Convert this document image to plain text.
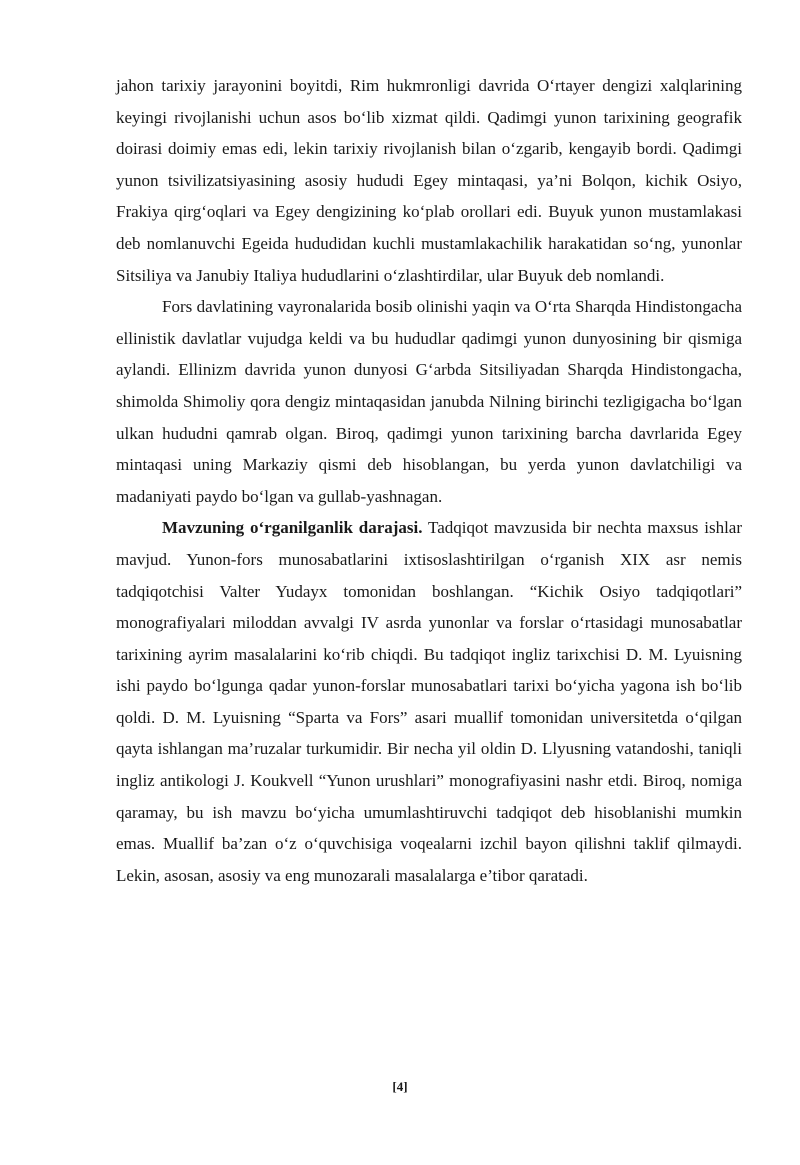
jahon tarixiy jarayonini boyitdi, Rim hukmronligi davrida O‘rtayer dengizi xalqlarining keyingi rivojlanishi uchun asos bo‘lib xizmat qildi. Qadimgi yunon tarixining geografik doirasi doimiy emas edi, lekin tarixiy rivojlanish bilan o‘zgarib, kengayib bordi. Qadimgi yunon tsivilizatsiyasining asosiy hududi Egey mintaqasi, ya’ni Bolqon, kichik Osiyo, Frakiya qirg‘oqlari va Egey dengizining ko‘plab orollari edi. Buyuk yunon mustamlakasi deb nomlanuvchi Egeida hududidan kuchli mustamlakachilik harakatidan so‘ng, yunonlar Sitsiliya va Janubiy Italiya hududlarini o‘zlashtirdilar, ular Buyuk deb nomlandi.

Fors davlatining vayronalarida bosib olinishi yaqin va O‘rta Sharqda Hindistongacha ellinistik davlatlar vujudga keldi va bu hududlar qadimgi yunon dunyosining bir qismiga aylandi. Ellinizm davrida yunon dunyosi G‘arbda Sitsiliyadan Sharqda Hindistongacha, shimolda Shimoliy qora dengiz mintaqasidan janubda Nilning birinchi tezligigacha bo‘lgan ulkan hududni qamrab olgan. Biroq, qadimgi yunon tarixining barcha davrlarida Egey mintaqasi uning Markaziy qismi deb hisoblangan, bu yerda yunon davlatchiligi va madaniyati paydo bo‘lgan va gullab-yashnagan.

Mavzuning o‘rganilganlik darajasi. Tadqiqot mavzusida bir nechta maxsus ishlar mavjud. Yunon-fors munosabatlarini ixtisoslashtirilgan o‘rganish XIX asr nemis tadqiqotchisi Valter Yudayx tomonidan boshlangan. “Kichik Osiyo tadqiqotlari” monografiyalari miloddan avvalgi IV asrda yunonlar va forslar o‘rtasidagi munosabatlar tarixining ayrim masalalarini ko‘rib chiqdi. Bu tadqiqot ingliz tarixchisi D. M. Lyuisning ishi paydo bo‘lgunga qadar yunon-forslar munosabatlari tarixi bo‘yicha yagona ish bo‘lib qoldi. D. M. Lyuisning “Sparta va Fors” asari muallif tomonidan universitetda o‘qilgan qayta ishlangan ma’ruzalar turkumidir. Bir necha yil oldin D. Llyusning vatandoshi, taniqli ingliz antikologi J. Koukvell “Yunon urushlari” monografiyasini nashr etdi. Biroq, nomiga qaramay, bu ish mavzu bo‘yicha umumlashtiruvchi tadqiqot deb hisoblanishi mumkin emas. Muallif ba’zan o‘z o‘quvchisiga voqealarni izchil bayon qilishni taklif qilmaydi. Lekin, asosan, asosiy va eng munozarali masalalarga e’tibor qaratadi.

[4]
